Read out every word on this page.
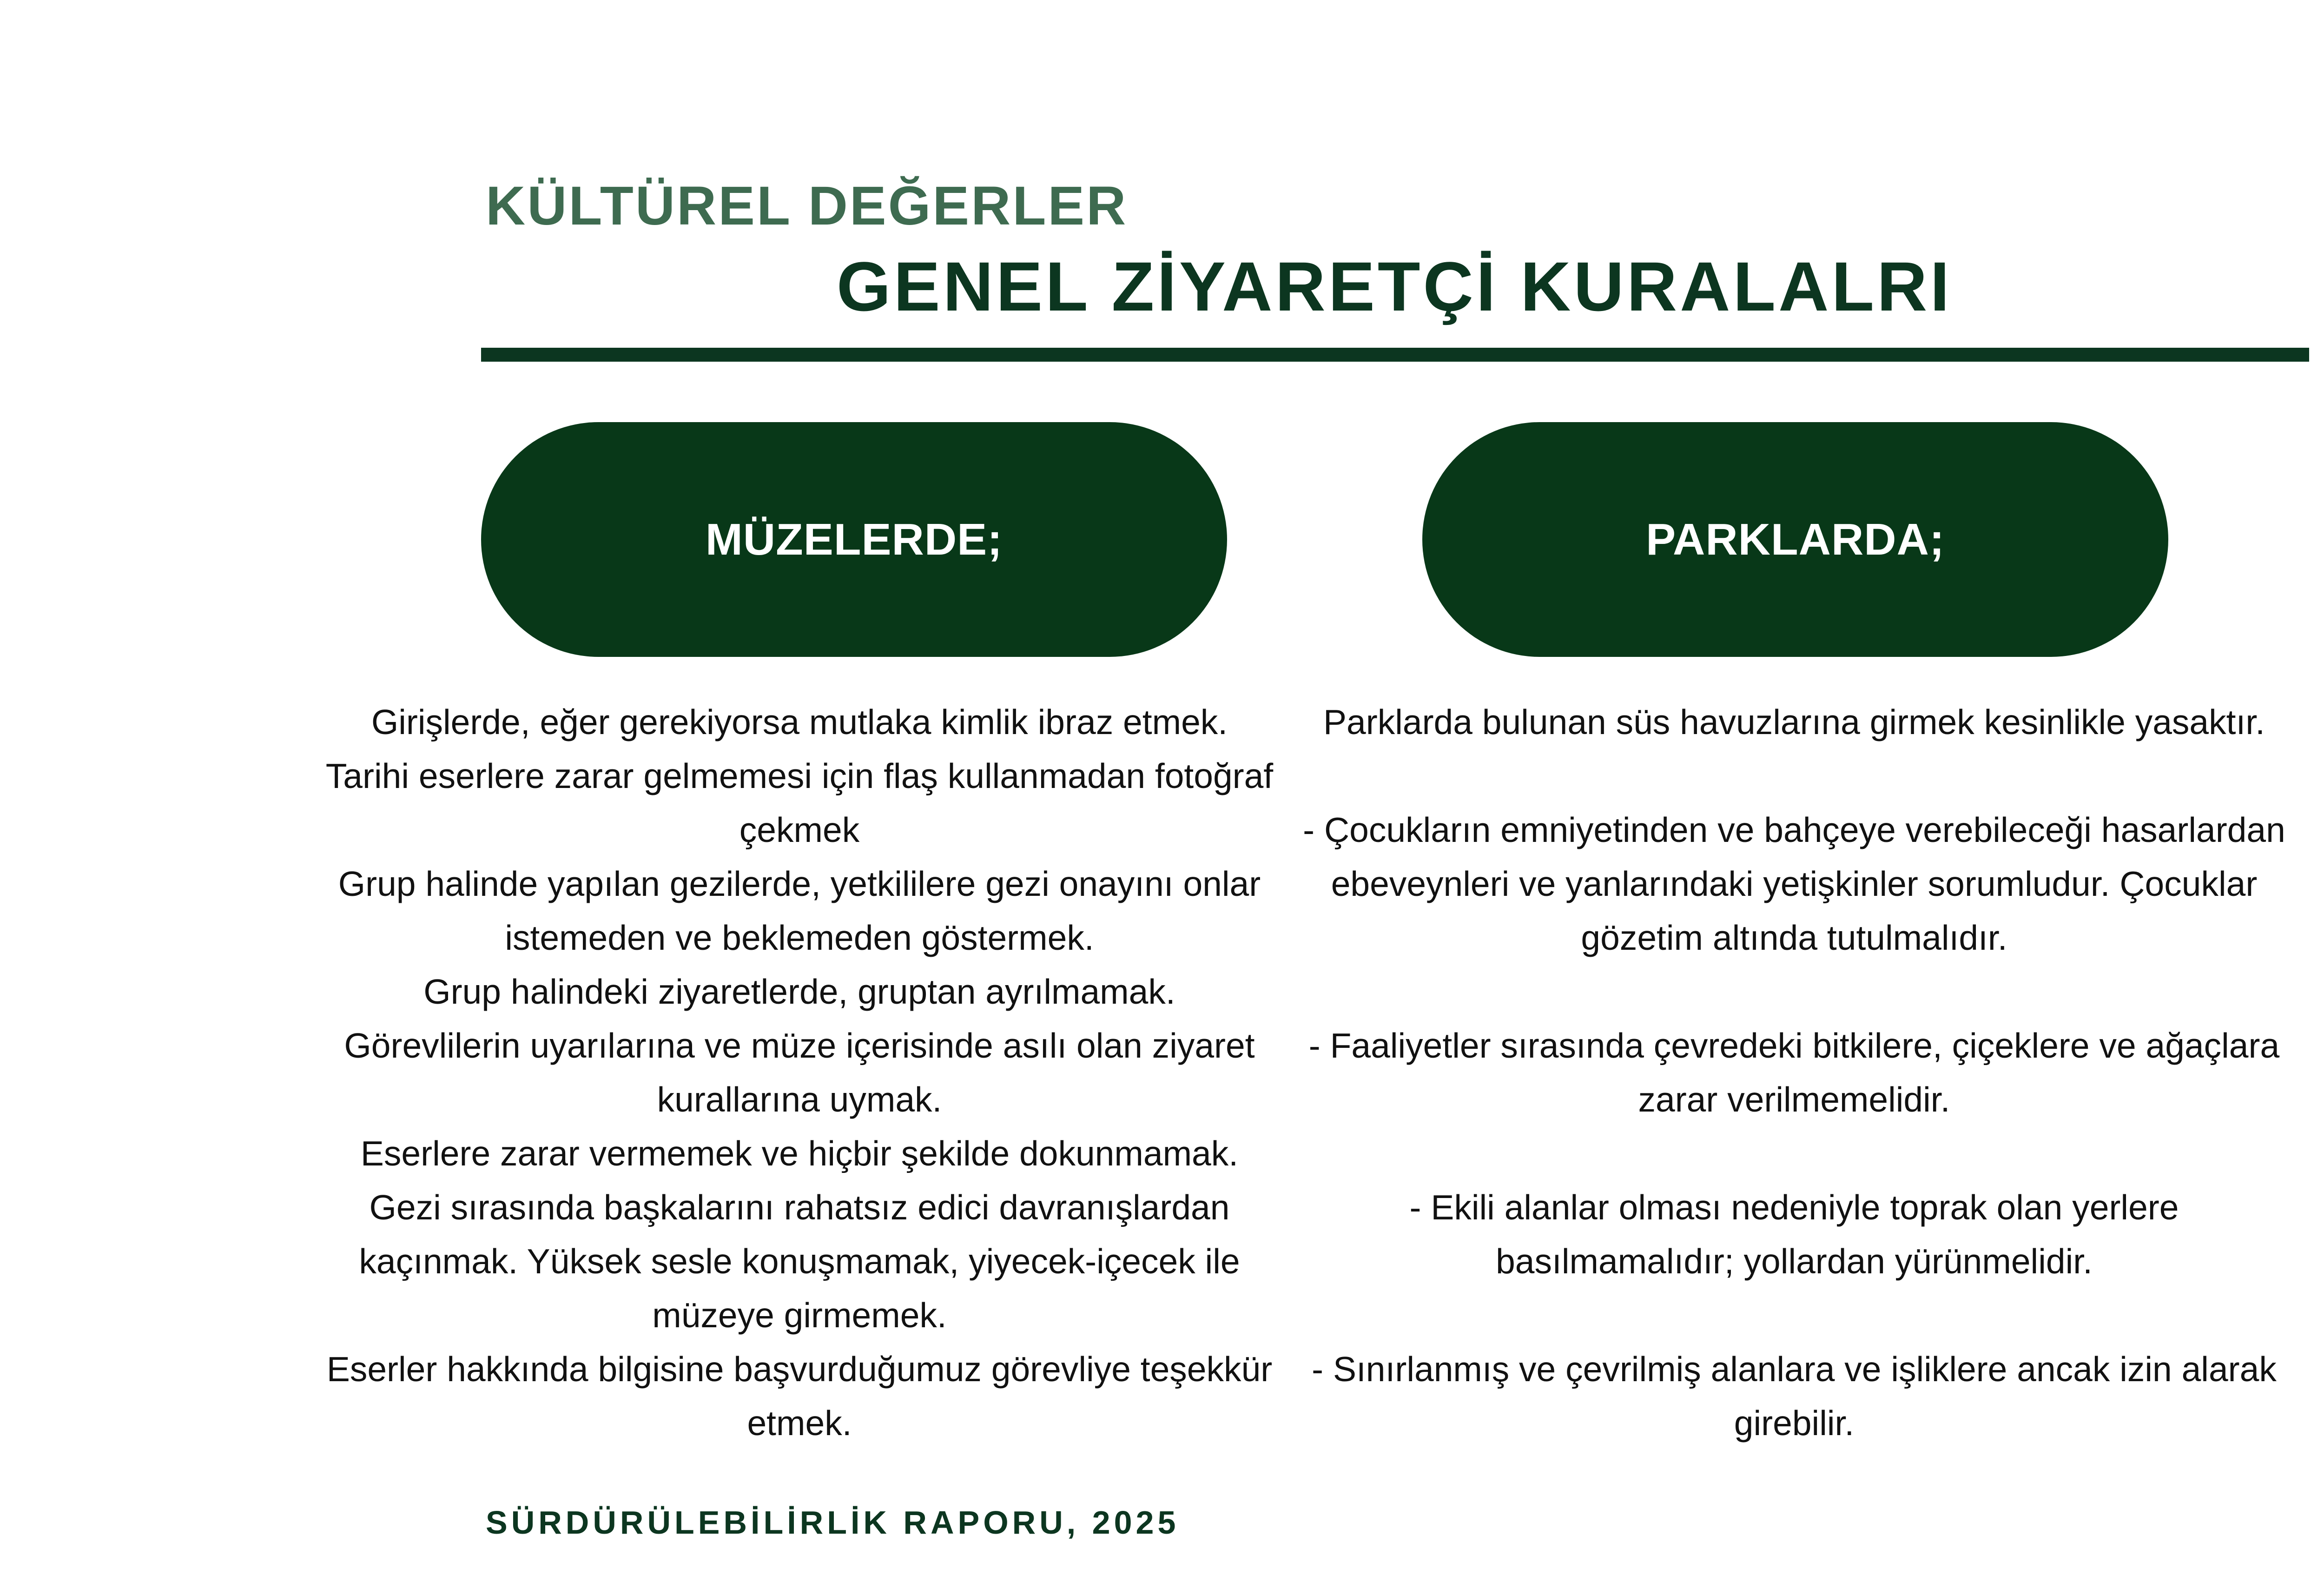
KÜLTÜREL DEĞERLER
GENEL ZİYARETÇİ KURALALRI
MÜZELERDE;	PARKLARDA;

Girişlerde, eğer gerekiyorsa mutlaka kimlik ibraz etmek.

Tarihi eserlere zarar gelmemesi için flaş kullanmadan fotoğraf çekmek

Grup halinde yapılan gezilerde, yetkililere gezi onayını onlar istemeden ve beklemeden göstermek.

Grup halindeki ziyaretlerde, gruptan ayrılmamak.

Görevlilerin uyarılarına ve müze içerisinde asılı olan ziyaret kurallarına uymak.

Eserlere zarar vermemek ve hiçbir şekilde dokunmamak.

Gezi sırasında başkalarını rahatsız edici davranışlardan kaçınmak. Yüksek sesle konuşmamak, yiyecek-içecek ile müzeye girmemek.

Eserler hakkında bilgisine başvurduğumuz görevliye teşekkür etmek.

Parklarda bulunan süs havuzlarına girmek kesinlikle yasaktır.

- Çocukların emniyetinden ve bahçeye verebileceği hasarlardan ebeveynleri ve yanlarındaki yetişkinler sorumludur. Çocuklar gözetim altında tutulmalıdır.

- Faaliyetler sırasında çevredeki bitkilere, çiçeklere ve ağaçlara zarar verilmemelidir.

- Ekili alanlar olması nedeniyle toprak olan yerlere basılmamalıdır; yollardan yürünmelidir.

- Sınırlanmış ve çevrilmiş alanlara ve işliklere ancak izin alarak girebilir.

SÜRDÜRÜLEBİLİRLİK RAPORU, 2025
